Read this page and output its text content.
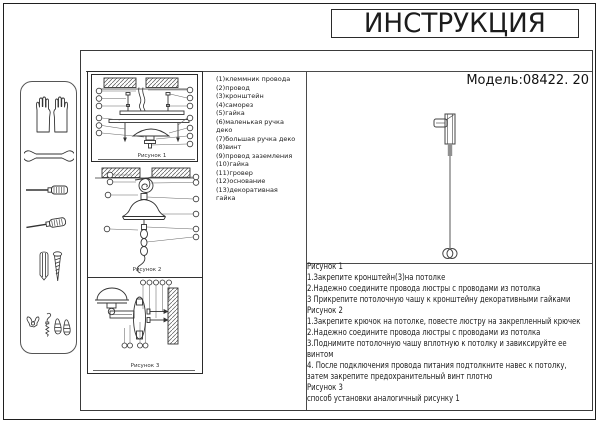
ИНСТРУКЦИЯ
Модель:08422. 20
Рисунок 1
Рисунок 2
Рисунок 3
(1)клеммник провода
(2)провод
(3)кронштейн
(4)саморез
(5)гайка
(6)маленькая ручка
деко
(7)большая ручка деко
(8)винт
(9)провод заземления
(10)гайка
(11)гровер
(12)основание
(13)декоративная
гайка
Рисунок 1
1.Закрепите кронштейн(3)на потолке
2.Надежно соедините провода люстры с проводами из потолка
3 Прикрепите потолочную чашу к кронштейну декоративными гайками
Рисунок 2
1.Закрепите крючок на потолке, повесте люстру на закрепленный крючек
2.Надежно соедините провода люстры с проводами из потолка
3.Поднимите потолочную чашу вплотную к потолку и завиксируйте ее
винтом
4. После подключения провода питания подтолкните навес к потолку,
затем закрепите предохранительный винт плотно
Рисунок 3
способ установки аналогичный рисунку 1
